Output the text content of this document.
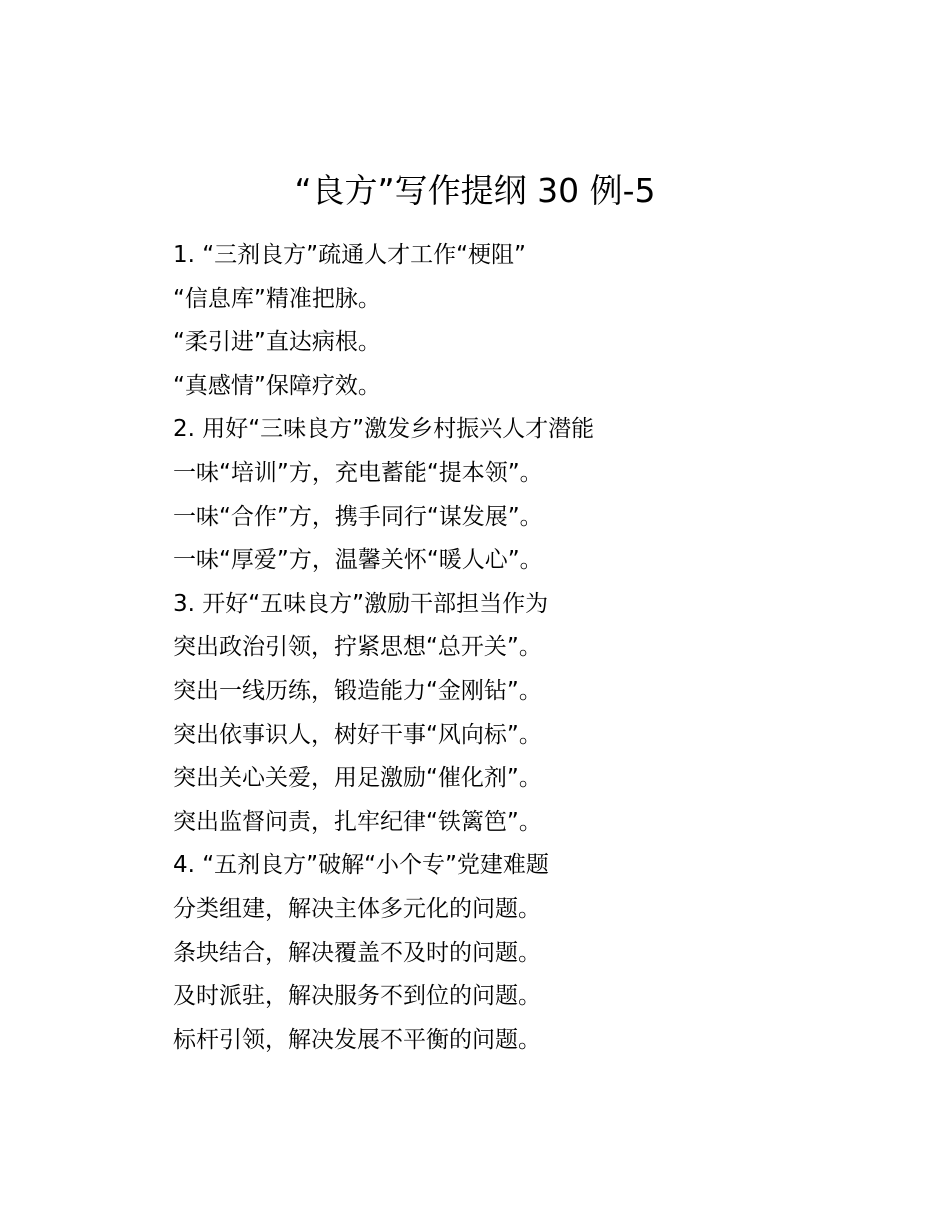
“良方”写作提纲 30 例-5

1. “三剂良方”疏通人才工作“梗阻”

“信息库”精准把脉。

“柔引进”直达病根。

“真感情”保障疗效。

2. 用好“三味良方”激发乡村振兴人才潜能

一味“培训”方，充电蓄能“提本领”。

一味“合作”方，携手同行“谋发展”。

一味“厚爱”方，温馨关怀“暖人心”。

3. 开好“五味良方”激励干部担当作为

突出政治引领，拧紧思想“总开关”。

突出一线历练，锻造能力“金刚钻”。

突出依事识人，树好干事“风向标”。

突出关心关爱，用足激励“催化剂”。

突出监督问责，扎牢纪律“铁篱笆”。

4. “五剂良方”破解“小个专”党建难题

分类组建，解决主体多元化的问题。

条块结合，解决覆盖不及时的问题。

及时派驻，解决服务不到位的问题。

标杆引领，解决发展不平衡的问题。
